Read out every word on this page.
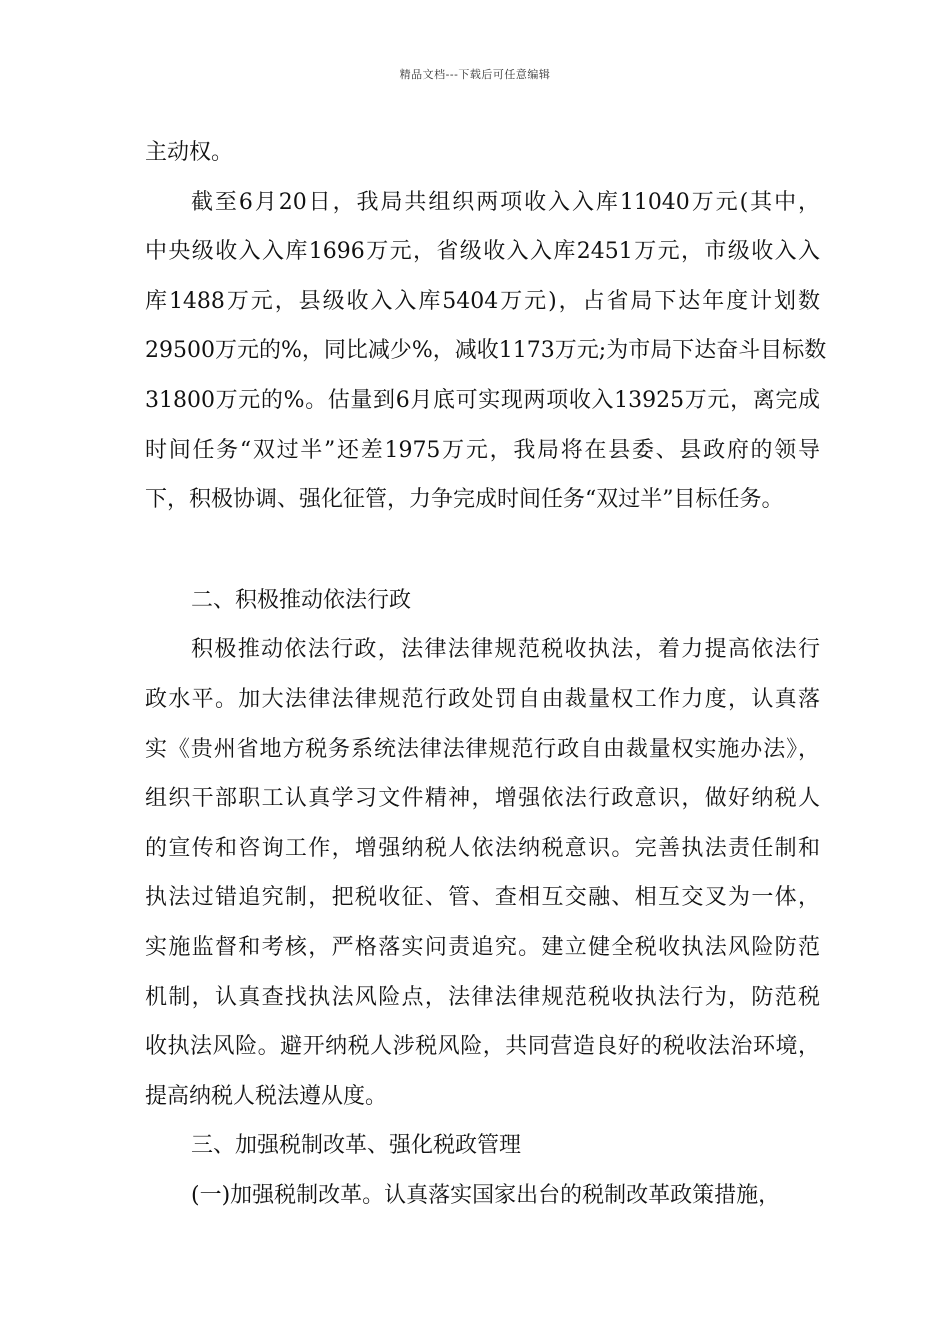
精品文档---下载后可任意编辑
主动权。
截至6月20日，我局共组织两项收入入库11040万元(其中，
中央级收入入库1696万元，省级收入入库2451万元，市级收入入
库1488万元，县级收入入库5404万元)，占省局下达年度计划数
29500万元的%，同比减少%，减收1173万元;为市局下达奋斗目标数
31800万元的%。估量到6月底可实现两项收入13925万元，离完成
时间任务“双过半”还差1975万元，我局将在县委、县政府的领导
下，积极协调、强化征管，力争完成时间任务“双过半”目标任务。
二、积极推动依法行政
积极推动依法行政，法律法律规范税收执法，着力提高依法行
政水平。加大法律法律规范行政处罚自由裁量权工作力度，认真落
实《贵州省地方税务系统法律法律规范行政自由裁量权实施办法》，
组织干部职工认真学习文件精神，增强依法行政意识，做好纳税人
的宣传和咨询工作，增强纳税人依法纳税意识。完善执法责任制和
执法过错追究制，把税收征、管、查相互交融、相互交叉为一体，
实施监督和考核，严格落实问责追究。建立健全税收执法风险防范
机制，认真查找执法风险点，法律法律规范税收执法行为，防范税
收执法风险。避开纳税人涉税风险，共同营造良好的税收法治环境，
提高纳税人税法遵从度。
三、加强税制改革、强化税政管理
(一)加强税制改革。认真落实国家出台的税制改革政策措施，
